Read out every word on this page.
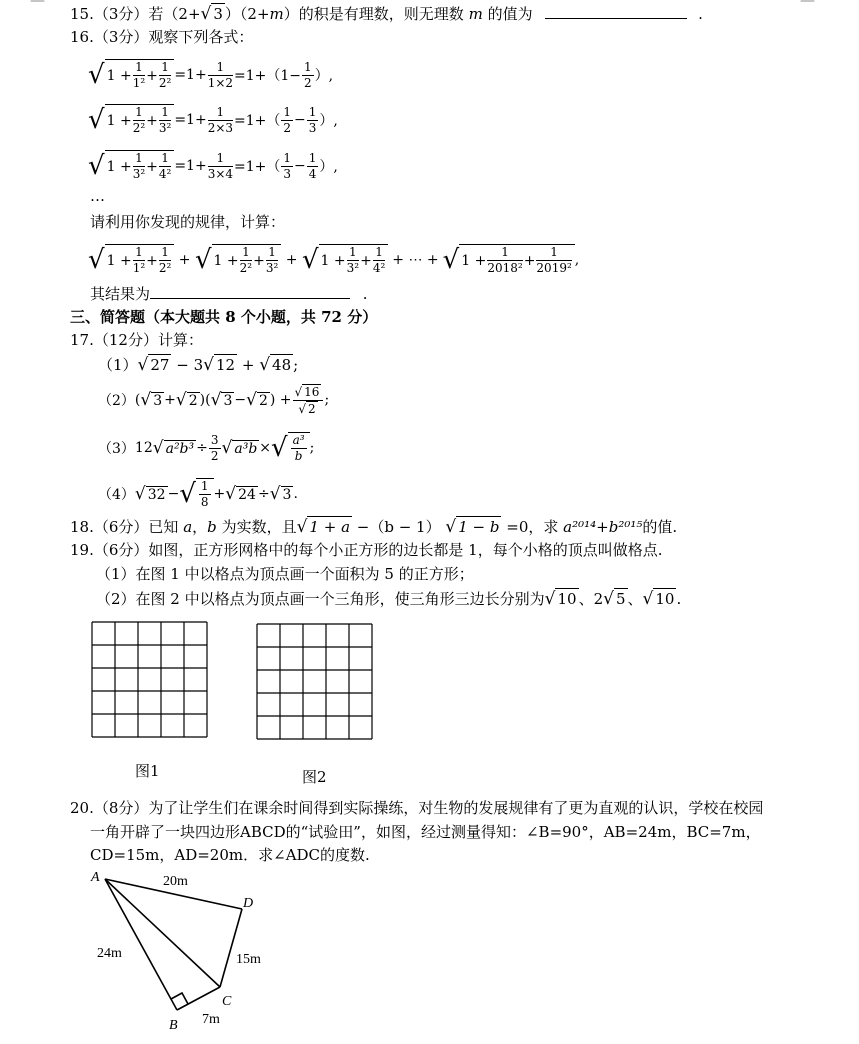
—	—
15.（3分）若（2+√ 3 ）（2+m）的积是有理数，则无理数 m 的值为	.
16.（3分）观察下列各式：
√ $1 + \frac{1}{\text{1²}} + \frac{1}{\text{2²}} =1+ \frac{1}{1\times 2} =1+(1- \frac{1}{2}$ ）,
√ $1 + \frac{1}{\text{2²}} + \frac{1}{\text{3²}} =1+ \frac{1}{2\times 3} =1+( \frac{1}{2} - \frac{1}{3}$ ）,
√ $1 + \frac{1}{\text{3²}} + \frac{1}{\text{4²}} =1+ \frac{1}{3\times 4} =1+( \frac{1}{3} - \frac{1}{4}$ ）,
…
请利用你发现的规律，计算：
√ $1 + \frac{1}{\text{1²}} + \frac{1}{\text{2²}}$ + √ $1 + \frac{1}{\text{2²}} + \frac{1}{\text{3²}}$ + √ $1 + \frac{1}{\text{3²}} + \frac{1}{\text{4²}}$ + ⋯ + √ $1 + \frac{1}{\text{2018²}} + \frac{1}{\text{2019²}}$ ,
其结果为	.
三、简答题（本大题共 8 个小题，共 72 分）
17.（12分）计算：
（1）√ 27 − 3√ 12 + √ 48 ;
（2） ( √ 3 + √ 2 )( √ 3 − √ 2 ) + $\frac{√ 16}{√ 2}$ ;
（3） 12 √ $a^2b^3 \div \frac{3}{2}$ √ a³b × √ $\frac{\text{a³}}{b}$ ;
（4） √ 32 − √ $\frac{1}{8}$ + √ 24 ÷ √ 3 .
18.（6分）已知 a，b 为实数，且√ 1 + a −（b − 1） √ 1 − b =0，求 a²⁰¹⁴+b²⁰¹⁵的值.
19.（6分）如图，正方形网格中的每个小正方形的边长都是 1，每个小格的顶点叫做格点.
（1）在图 1 中以格点为顶点画一个面积为 5 的正方形；
（2）在图 2 中以格点为顶点画一个三角形，使三角形三边长分别为√ 10 、2√ 5 、√ 10 .
图1	图2
20.（8分）为了让学生们在课余时间得到实际操练，对生物的发展规律有了更为直观的认识，学校在校园
一角开辟了一块四边形ABCD的“试验田”，如图，经过测量得知：∠B=90°，AB=24m，BC=7m，
CD=15m，AD=20m．求∠ADC的度数.
A
B
C
D
20m
24m	15m
7m
